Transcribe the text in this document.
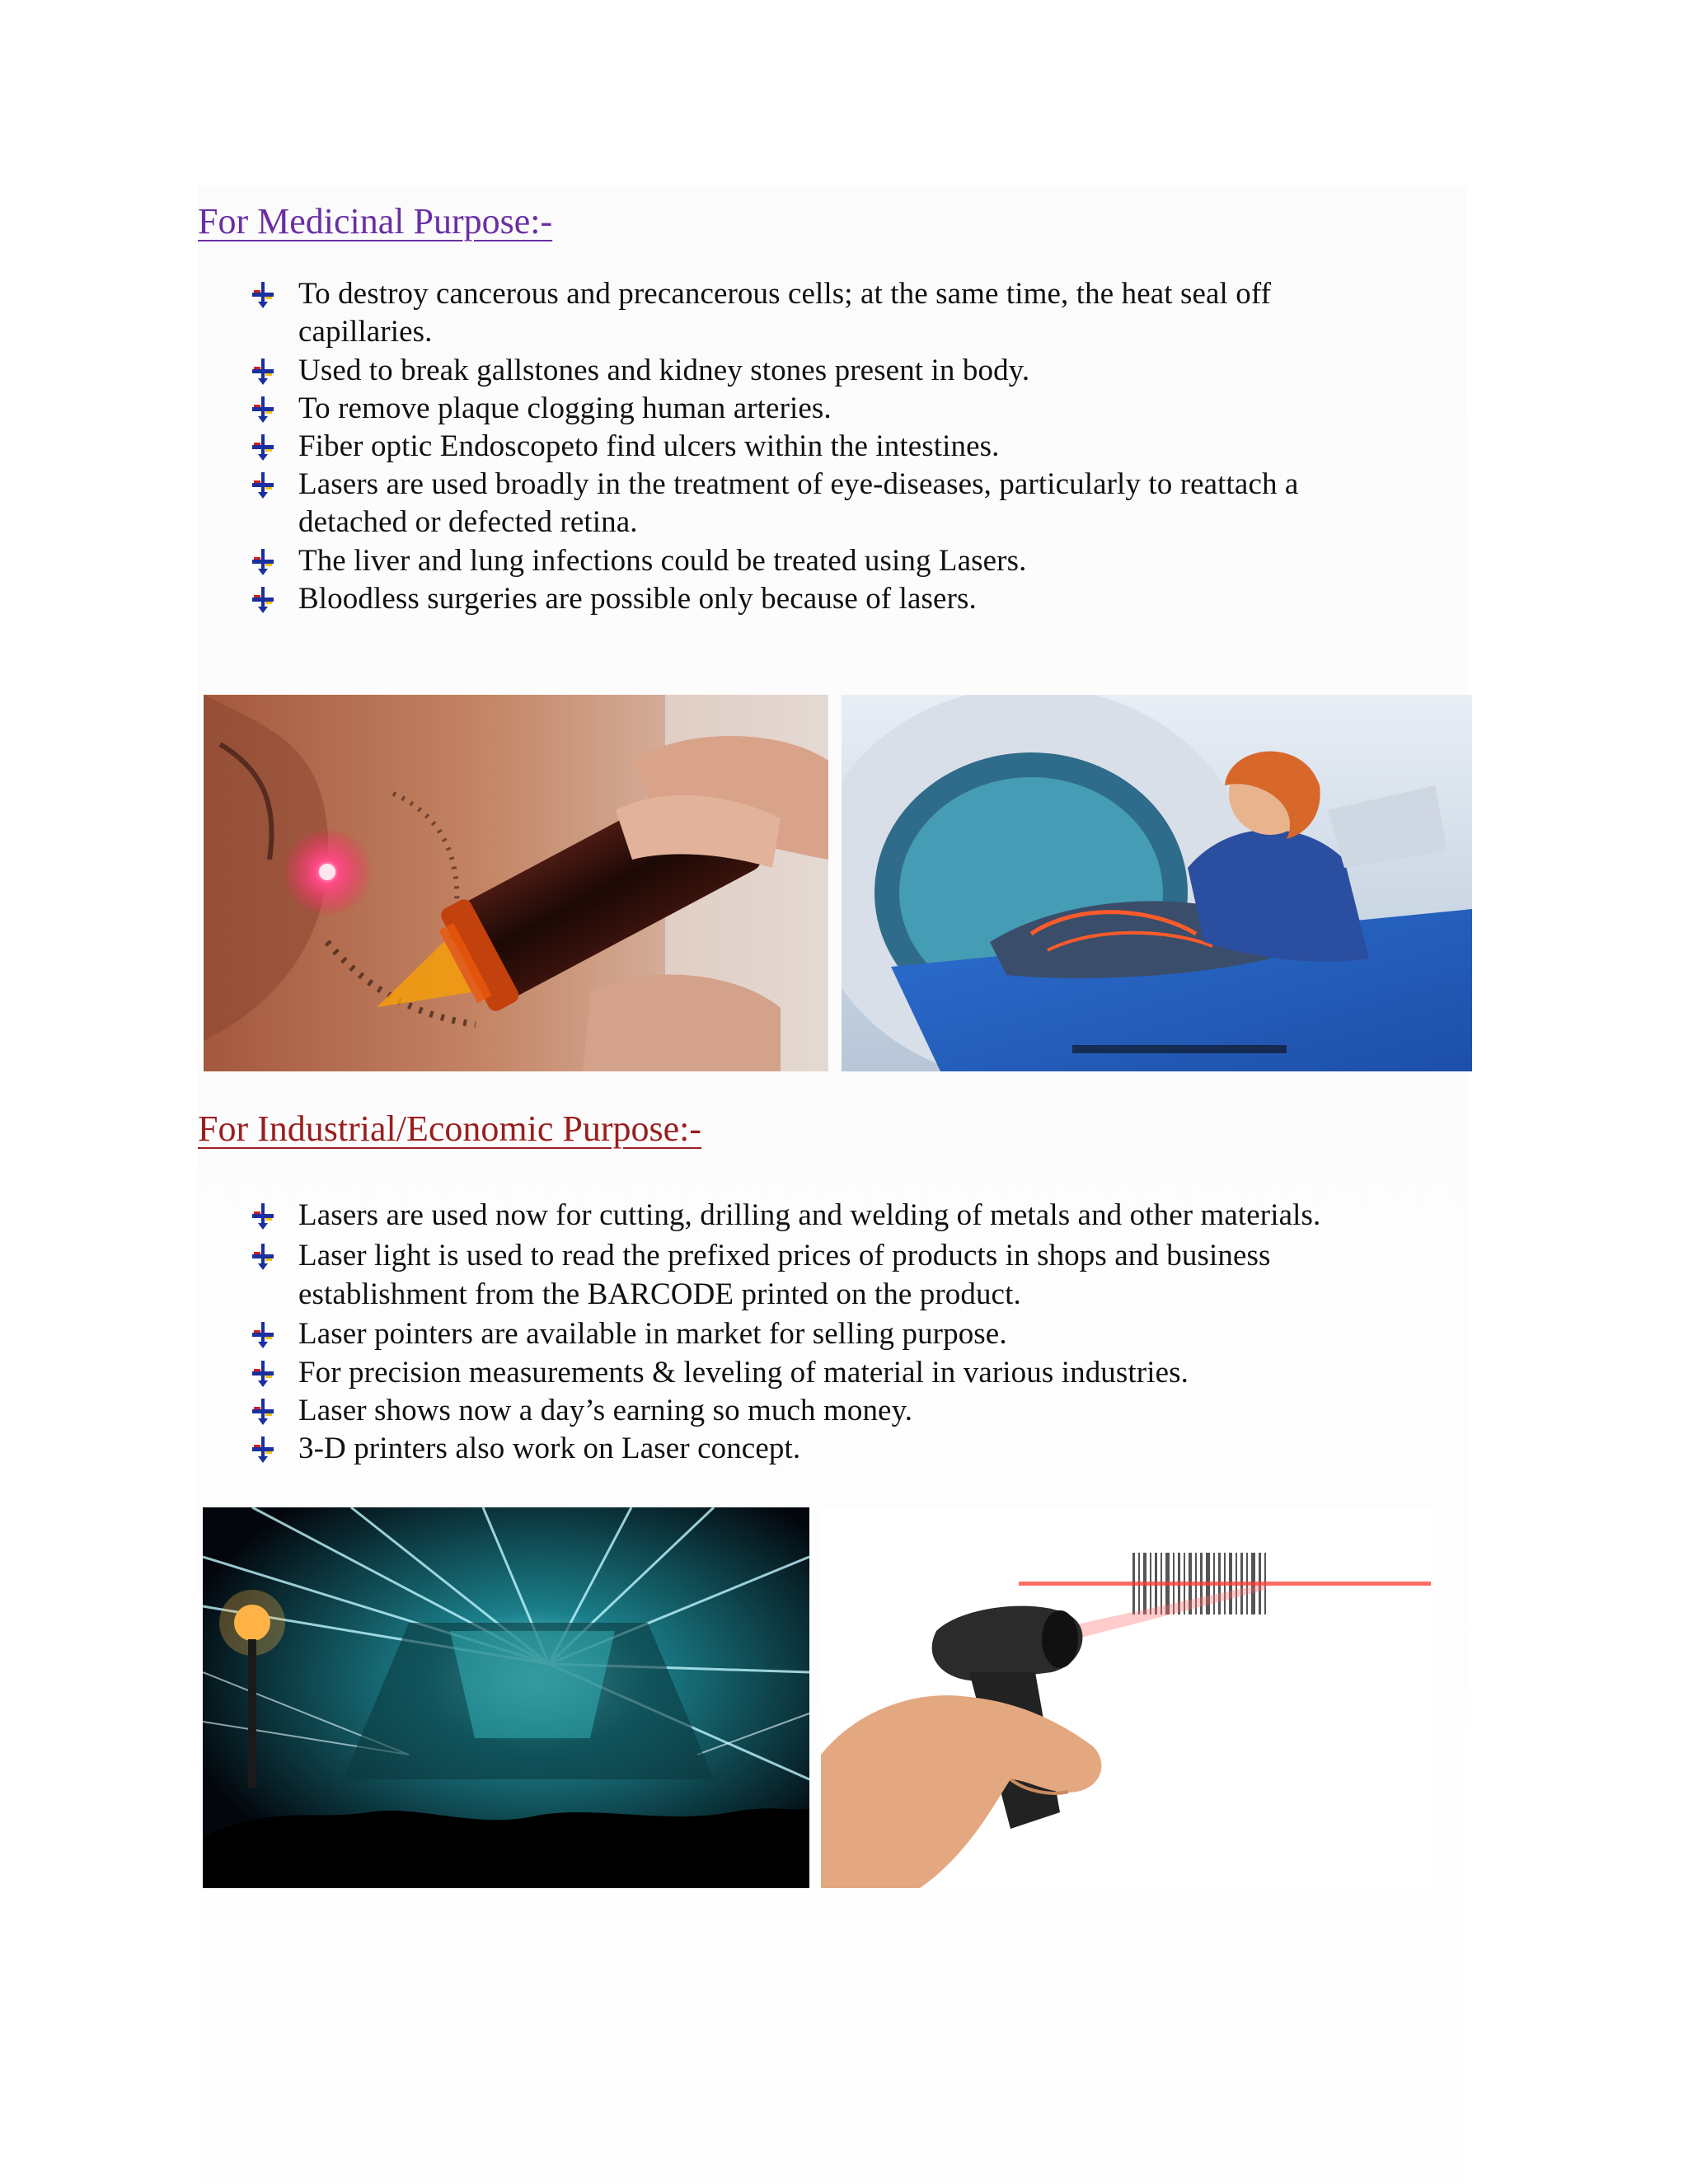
For Medicinal Purpose:-
To destroy cancerous and precancerous cells; at the same time, the heat seal off
capillaries.
Used to break gallstones and kidney stones present in body.
To remove plaque clogging human arteries.
Fiber optic Endoscopeto find ulcers within the intestines.
Lasers are used broadly in the treatment of eye-diseases, particularly to reattach a
detached or defected retina.
The liver and lung infections could be treated using Lasers.
Bloodless surgeries are possible only because of lasers.
For Industrial/Economic Purpose:-
Lasers are used now for cutting, drilling and welding of metals and other materials.
Laser light is used to read the prefixed prices of products in shops and business
establishment from the BARCODE printed on the product.
Laser pointers are available in market for selling purpose.
For precision measurements & leveling of material in various industries.
Laser shows now a day’s earning so much money.
3-D printers also work on Laser concept.
